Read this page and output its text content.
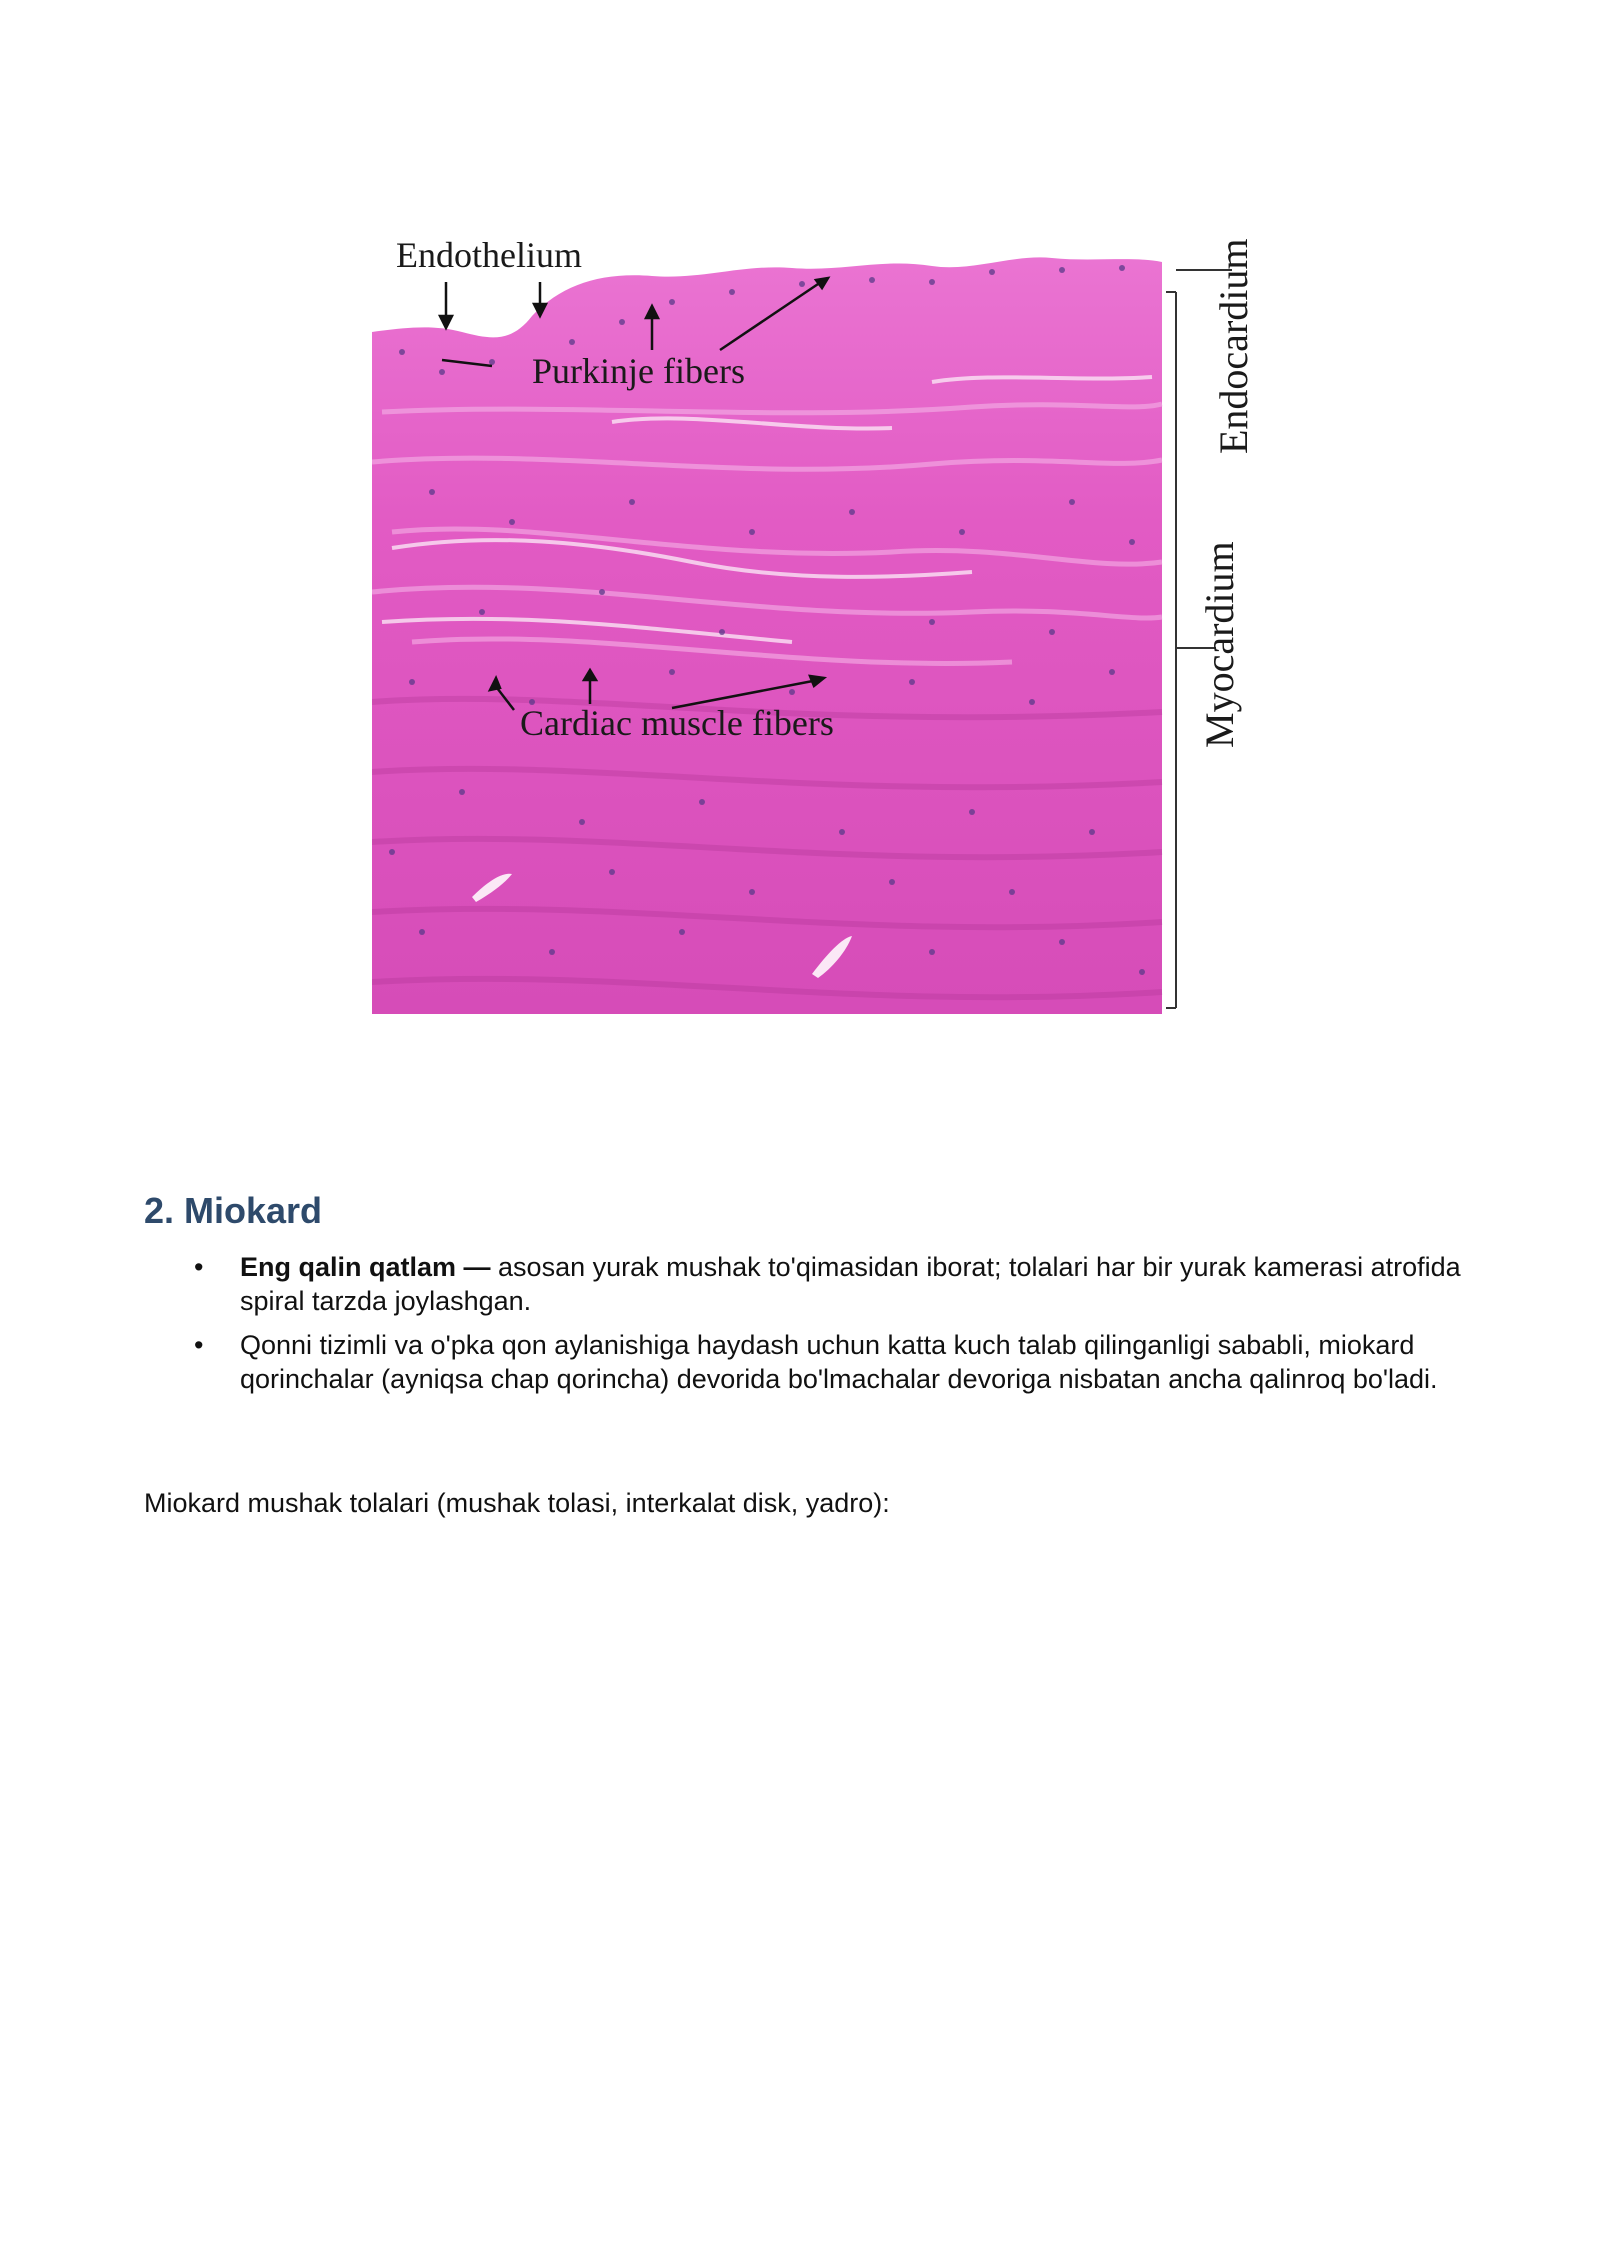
Endothelium
Purkinje fibers
Cardiac muscle fibers
Endocardium
Myocardium
2. Miokard
• Eng qalin qatlam — asosan yurak mushak to'qimasidan iborat; tolalari har bir yurak kamerasi atrofida spiral tarzda joylashgan.
• Qonni tizimli va o'pka qon aylanishiga haydash uchun katta kuch talab qilinganligi sababli, miokard qorinchalar (ayniqsa chap qorincha) devorida bo'lmachalar devoriga nisbatan ancha qalinroq bo'ladi.

Miokard mushak tolalari (mushak tolasi, interkalat disk, yadro):
